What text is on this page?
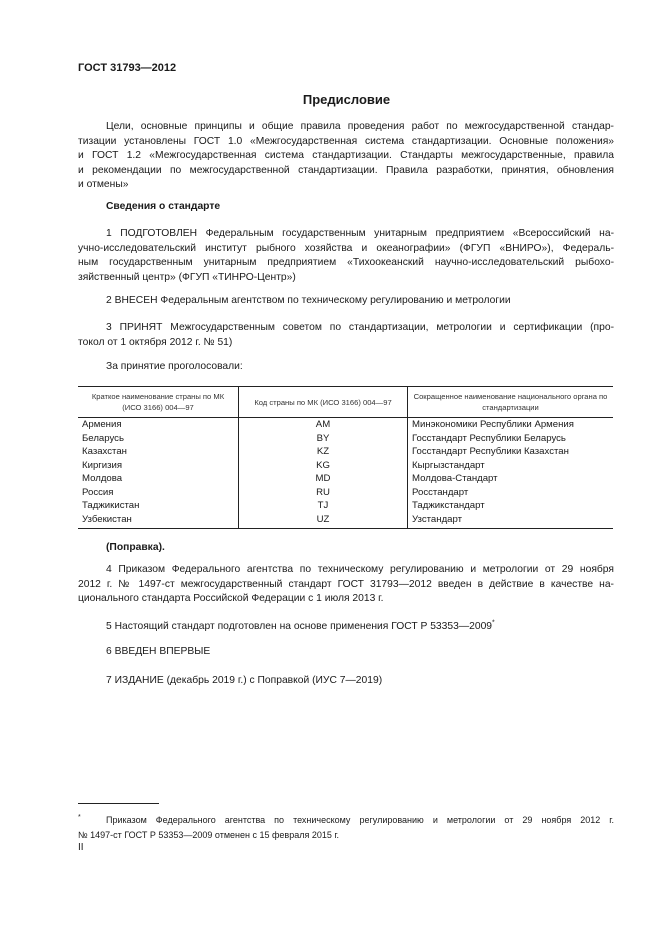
ГОСТ 31793—2012
Предисловие
Цели, основные принципы и общие правила проведения работ по межгосударственной стандар-
тизации установлены ГОСТ 1.0 «Межгосударственная система стандартизации. Основные положения»
и ГОСТ 1.2 «Межгосударственная система стандартизации. Стандарты межгосударственные, правила
и рекомендации по межгосударственной стандартизации. Правила разработки, принятия, обновления
и отмены»
Сведения о стандарте
1 ПОДГОТОВЛЕН Федеральным государственным унитарным предприятием «Всероссийский на-
учно-исследовательский институт рыбного хозяйства и океанографии» (ФГУП «ВНИРО»), Федераль-
ным государственным унитарным предприятием «Тихоокеанский научно-исследовательский рыбохо-
зяйственный центр» (ФГУП «ТИНРО-Центр»)
2 ВНЕСЕН Федеральным агентством по техническому регулированию и метрологии
3 ПРИНЯТ Межгосударственным советом по стандартизации, метрологии и сертификации (про-
токол от 1 октября 2012 г. № 51)
За принятие проголосовали:
Краткое наименование страны по МК (ИСО 3166) 004—97	Код страны по МК (ИСО 3166) 004—97	Сокращенное наименование национального органа по стандартизации
Армения	AM	Минэкономики Республики Армения
Беларусь	BY	Госстандарт Республики Беларусь
Казахстан	KZ	Госстандарт Республики Казахстан
Киргизия	KG	Кыргызстандарт
Молдова	MD	Молдова-Стандарт
Россия	RU	Росстандарт
Таджикистан	TJ	Таджикстандарт
Узбекистан	UZ	Узстандарт
(Поправка).
4 Приказом Федерального агентства по техническому регулированию и метрологии от 29 ноября
2012 г. № 1497-ст межгосударственный стандарт ГОСТ 31793—2012 введен в действие в качестве на-
ционального стандарта Российской Федерации с 1 июля 2013 г.
5 Настоящий стандарт подготовлен на основе применения ГОСТ Р 53353—2009*
6 ВВЕДЕН ВПЕРВЫЕ
7 ИЗДАНИЕ (декабрь 2019 г.) с Поправкой (ИУС 7—2019)
*	Приказом Федерального агентства по техническому регулированию и метрологии от 29 ноября 2012 г.
№ 1497-ст ГОСТ Р 53353—2009 отменен с 15 февраля 2015 г.
II
